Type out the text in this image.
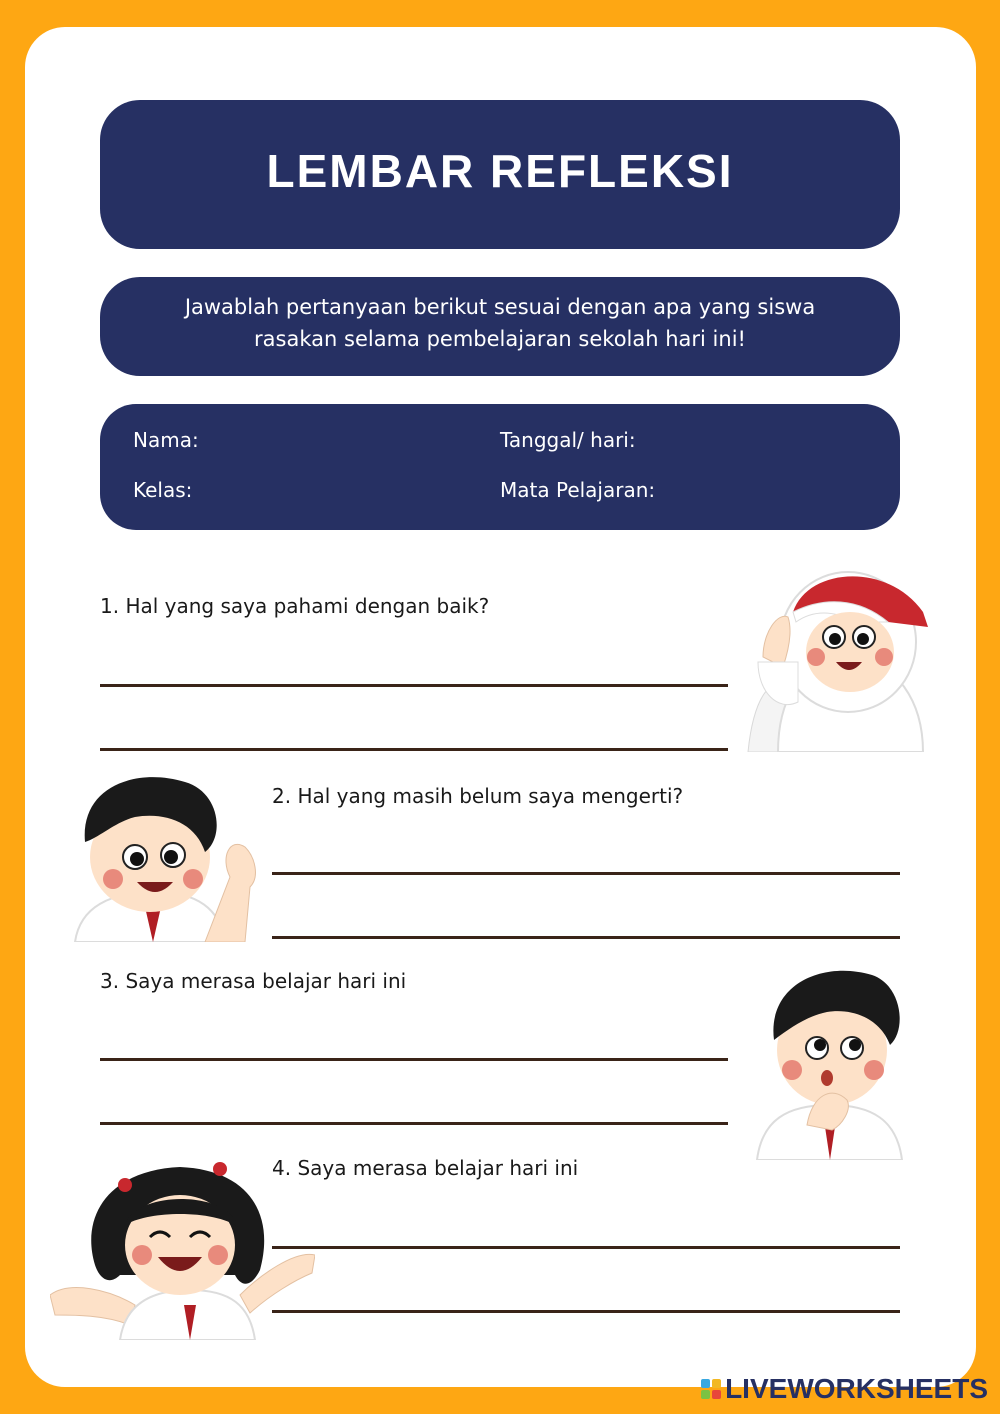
LEMBAR REFLEKSI
Jawablah pertanyaan berikut sesuai dengan apa yang siswa rasakan selama pembelajaran sekolah hari ini!
Nama:
Kelas:
Tanggal/ hari:
Mata Pelajaran:
1. Hal yang saya pahami dengan baik?
2. Hal yang masih belum saya mengerti?
3. Saya merasa belajar hari ini
4. Saya merasa belajar hari ini
LIVEWORKSHEETS
